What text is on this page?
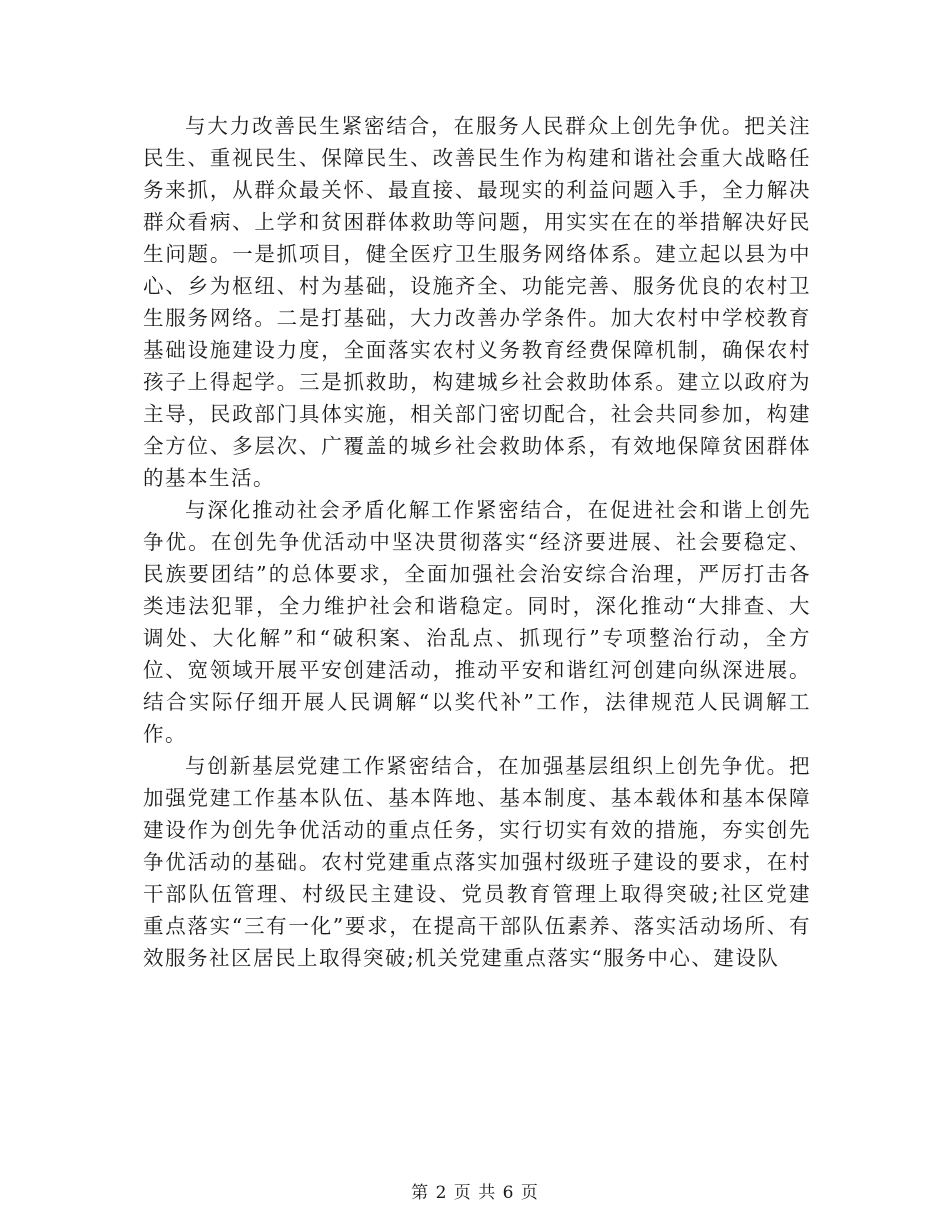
与大力改善民生紧密结合，在服务人民群众上创先争优。把关注民生、重视民生、保障民生、改善民生作为构建和谐社会重大战略任务来抓，从群众最关怀、最直接、最现实的利益问题入手，全力解决群众看病、上学和贫困群体救助等问题，用实实在在的举措解决好民生问题。一是抓项目，健全医疗卫生服务网络体系。建立起以县为中心、乡为枢纽、村为基础，设施齐全、功能完善、服务优良的农村卫生服务网络。二是打基础，大力改善办学条件。加大农村中学校教育基础设施建设力度，全面落实农村义务教育经费保障机制，确保农村孩子上得起学。三是抓救助，构建城乡社会救助体系。建立以政府为主导，民政部门具体实施，相关部门密切配合，社会共同参加，构建全方位、多层次、广覆盖的城乡社会救助体系，有效地保障贫困群体的基本生活。

与深化推动社会矛盾化解工作紧密结合，在促进社会和谐上创先争优。在创先争优活动中坚决贯彻落实“经济要进展、社会要稳定、民族要团结”的总体要求，全面加强社会治安综合治理，严厉打击各类违法犯罪，全力维护社会和谐稳定。同时，深化推动“大排查、大调处、大化解”和“破积案、治乱点、抓现行”专项整治行动，全方位、宽领域开展平安创建活动，推动平安和谐红河创建向纵深进展。结合实际仔细开展人民调解“以奖代补”工作，法律规范人民调解工作。

与创新基层党建工作紧密结合，在加强基层组织上创先争优。把加强党建工作基本队伍、基本阵地、基本制度、基本载体和基本保障建设作为创先争优活动的重点任务，实行切实有效的措施，夯实创先争优活动的基础。农村党建重点落实加强村级班子建设的要求，在村干部队伍管理、村级民主建设、党员教育管理上取得突破;社区党建重点落实“三有一化”要求，在提高干部队伍素养、落实活动场所、有效服务社区居民上取得突破;机关党建重点落实“服务中心、建设队

第 2 页 共 6 页
